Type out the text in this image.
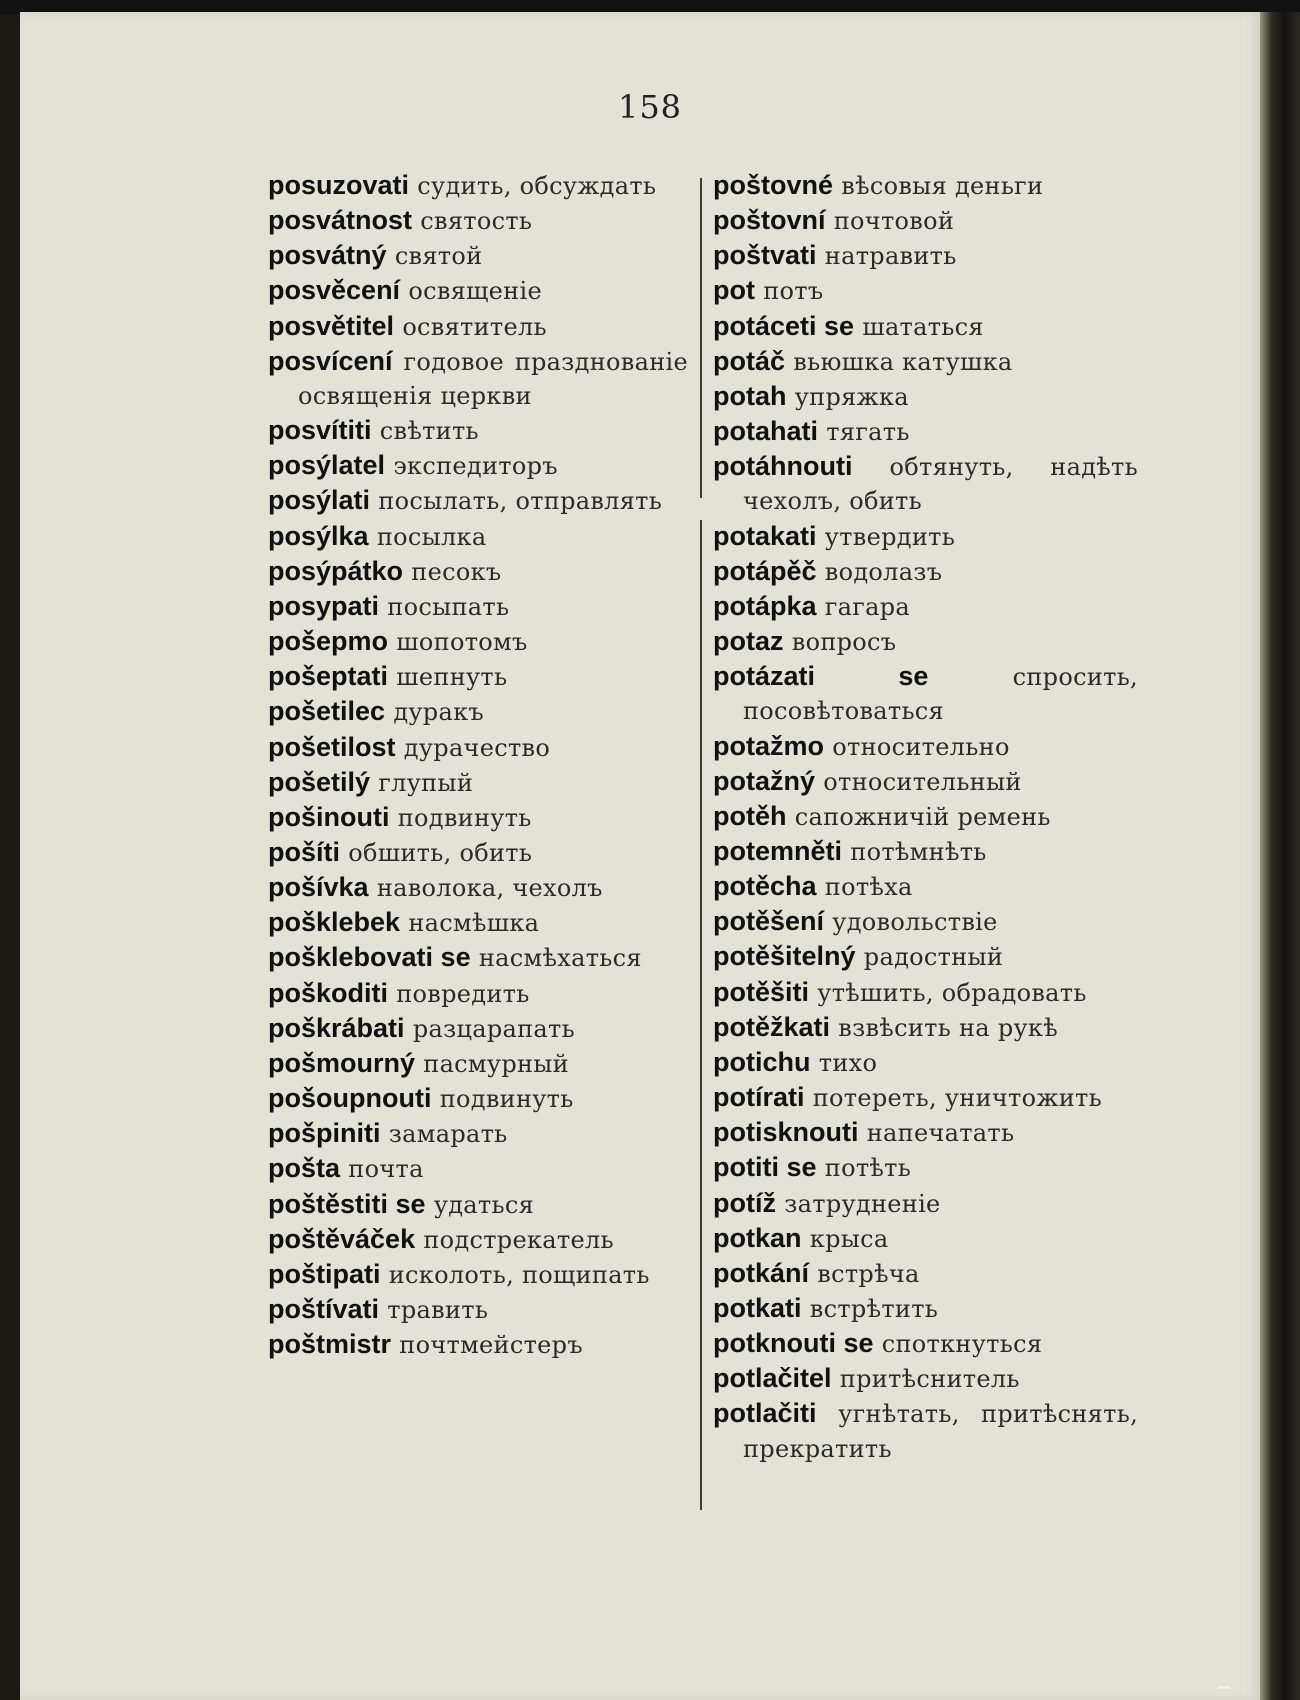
158
posuzovati судить, обсуждать
posvátnost святость
posvátný святой
posvěcení освященіе
posvětitel освятитель
posvícení годовое празднованіе освященія церкви
posvítiti свѣтить
posýlatel экспедиторъ
posýlati посылать, отправлять
posýlka посылка
posýpátko песокъ
posypati посыпать
pošepmo шопотомъ
pošeptati шепнуть
pošetilec дуракъ
pošetilost дурачество
pošetilý глупый
pošinouti подвинуть
pošíti обшить, обить
pošívka наволока, чехолъ
pošklebek насмѣшка
pošklebovati se насмѣхаться
poškoditi повредить
poškrábati разцарапать
pošmourný пасмурный
pošoupnouti подвинуть
pošpiniti замарать
pošta почта
poštěstiti se удаться
poštěváček подстрекатель
poštipati исколоть, пощипать
poštívati травить
poštmistr почтмейстеръ
poštovné вѣсовыя деньги
poštovní почтовой
poštvati натравить
pot потъ
potáceti se шататься
potáč вьюшка катушка
potah упряжка
potahati тягать
potáhnouti обтянуть, надѣть чехолъ, обить
potakati утвердить
potápěč водолазъ
potápka гагара
potaz вопросъ
potázati se	спросить, посовѣтоваться
potažmo относительно
potažný относительный
potěh сапожничій ремень
potemněti потѣмнѣть
potěcha потѣха
potěšení удовольствіе
potěšitelný радостный
potěšiti утѣшить, обрадовать
potěžkati взвѣсить на рукѣ
potichu тихо
potírati потереть, уничтожить
potisknouti напечатать
potiti se потѣть
potíž затрудненіе
potkan крыса
potkání встрѣча
potkati встрѣтить
potknouti se споткнуться
potlačitel притѣснитель
potlačiti угнѣтать, притѣснять, прекратить
